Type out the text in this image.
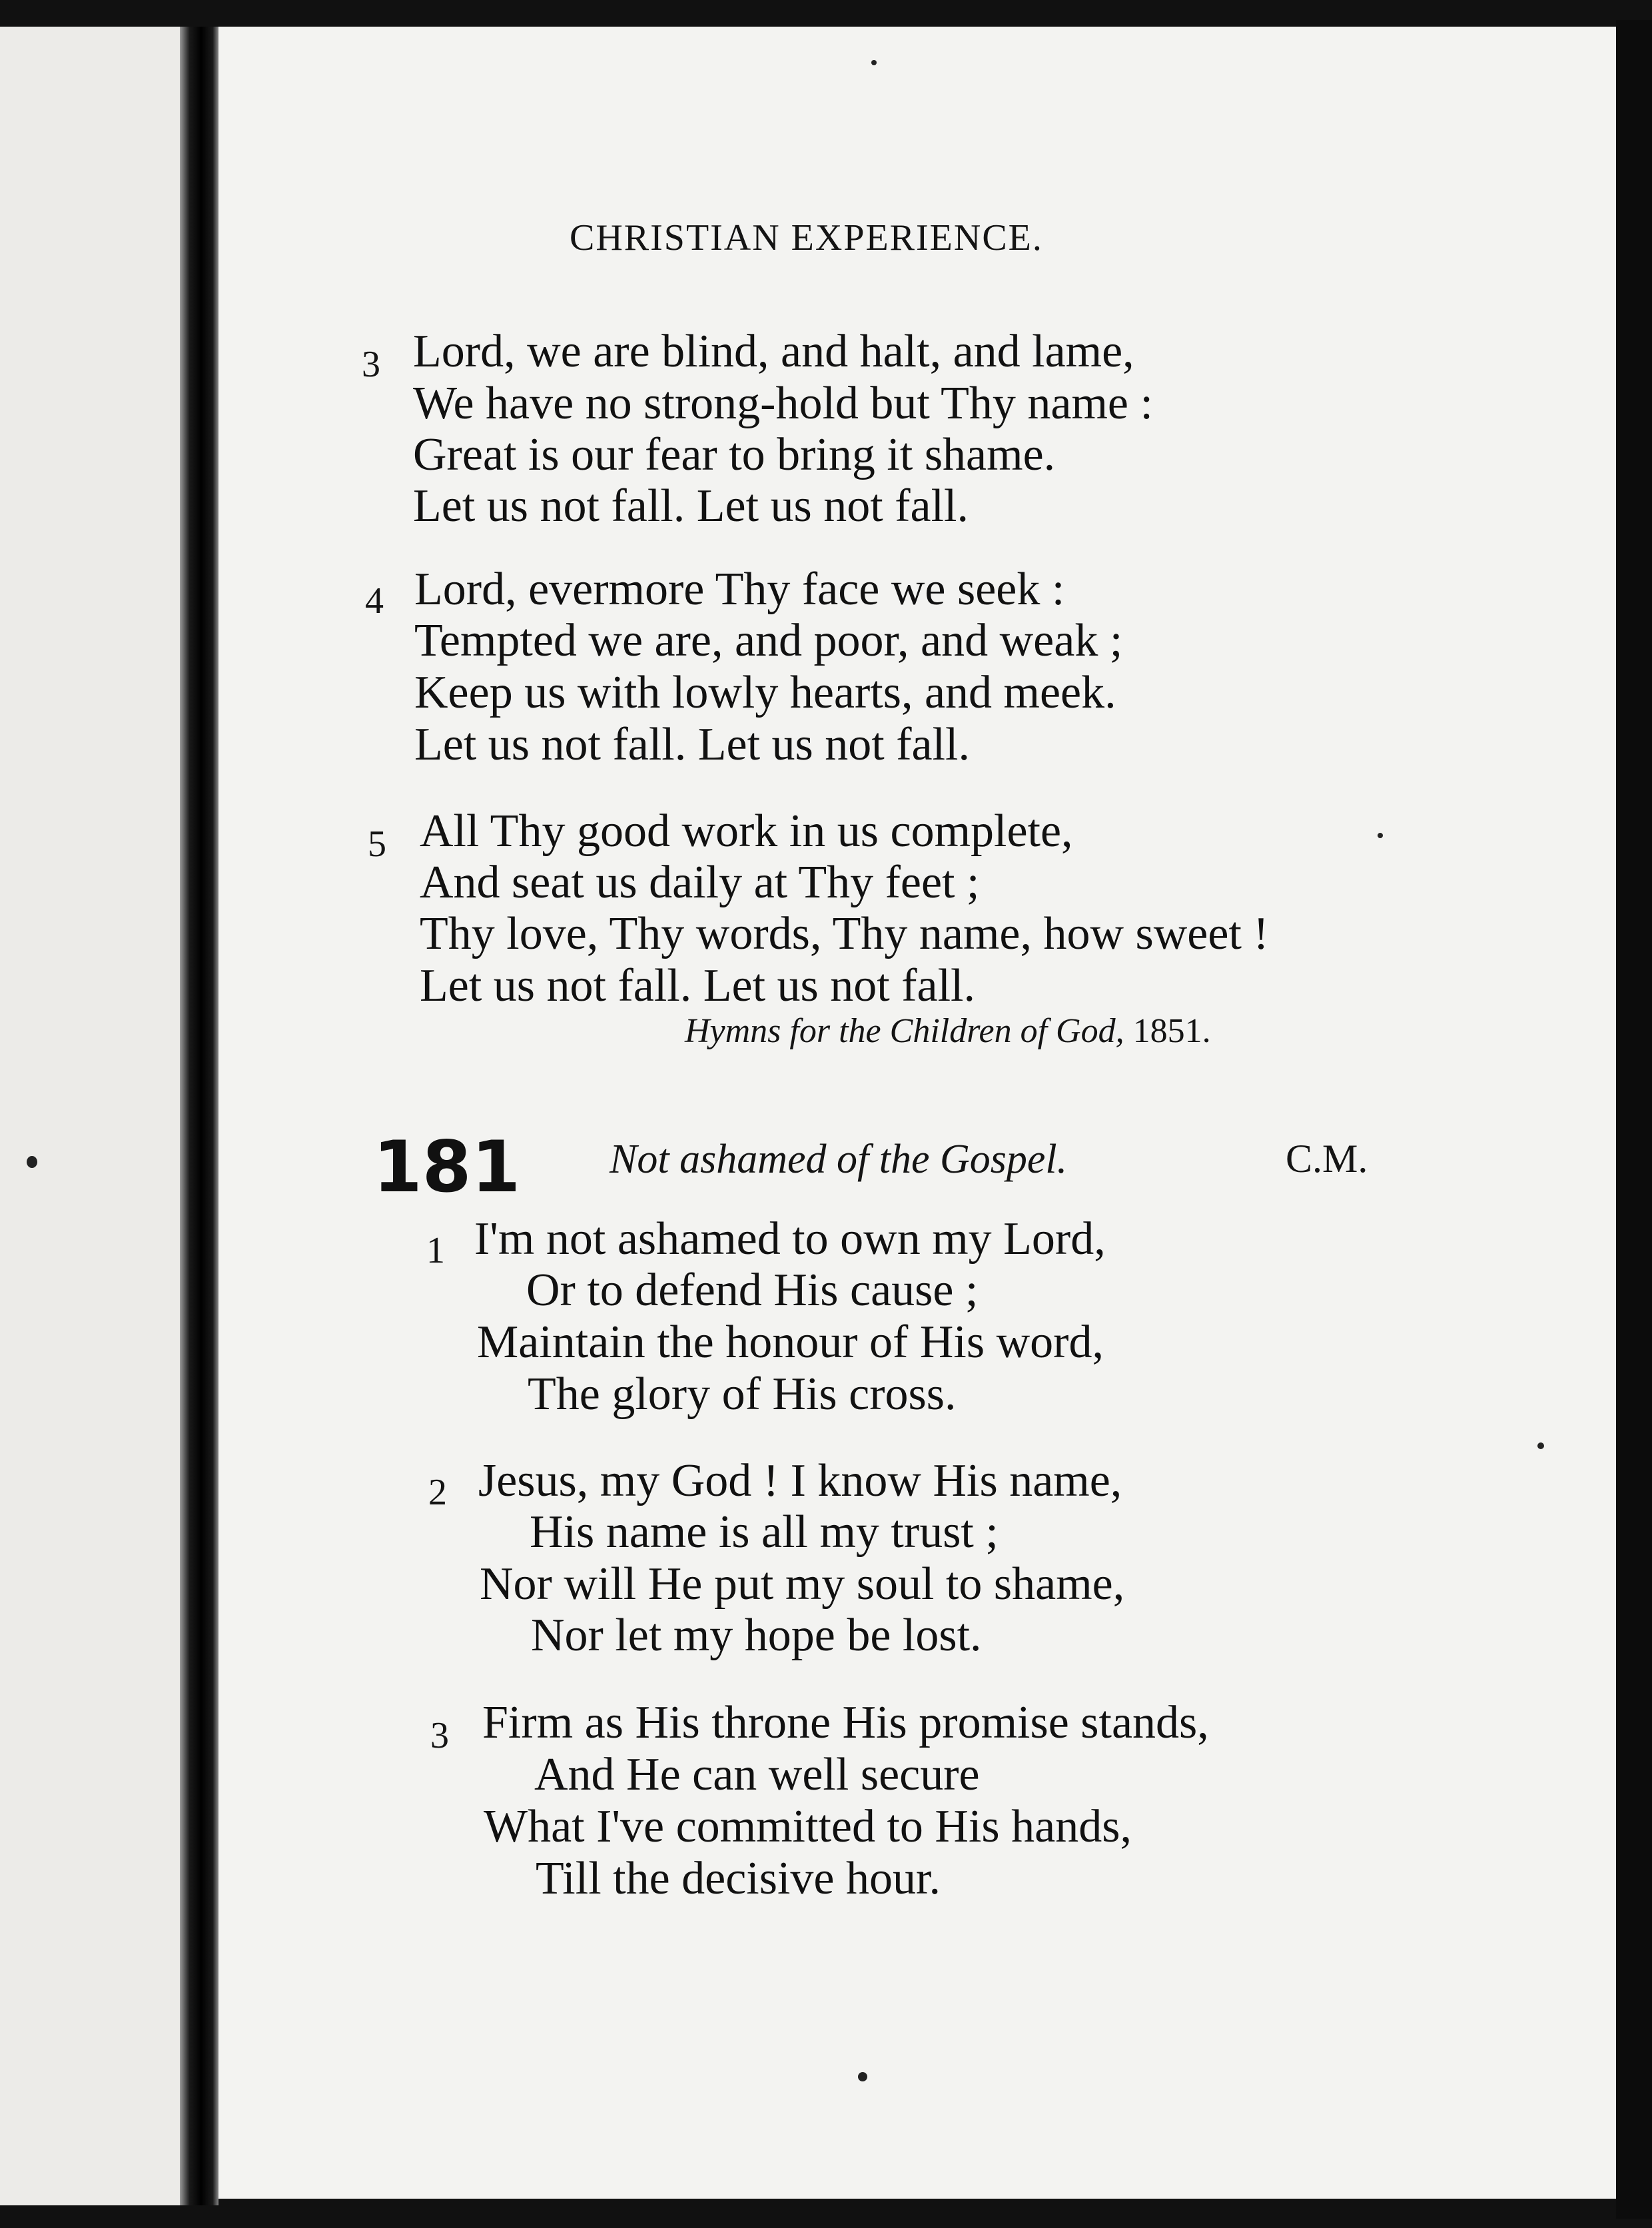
CHRISTIAN EXPERIENCE.
3 Lord, we are blind, and halt, and lame,
We have no strong-hold but Thy name :
Great is our fear to bring it shame.
Let us not fall. Let us not fall.
4 Lord, evermore Thy face we seek :
Tempted we are, and poor, and weak ;
Keep us with lowly hearts, and meek.
Let us not fall. Let us not fall.
5 All Thy good work in us complete,
And seat us daily at Thy feet ;
Thy love, Thy words, Thy name, how sweet !
Let us not fall. Let us not fall.
Hymns for the Children of God, 1851.
181 Not ashamed of the Gospel.	C.M.
1 I'm not ashamed to own my Lord,
Or to defend His cause ;
Maintain the honour of His word,
The glory of His cross.
2 Jesus, my God ! I know His name,
His name is all my trust ;
Nor will He put my soul to shame,
Nor let my hope be lost.
3 Firm as His throne His promise stands,
And He can well secure
What I've committed to His hands,
Till the decisive hour.
